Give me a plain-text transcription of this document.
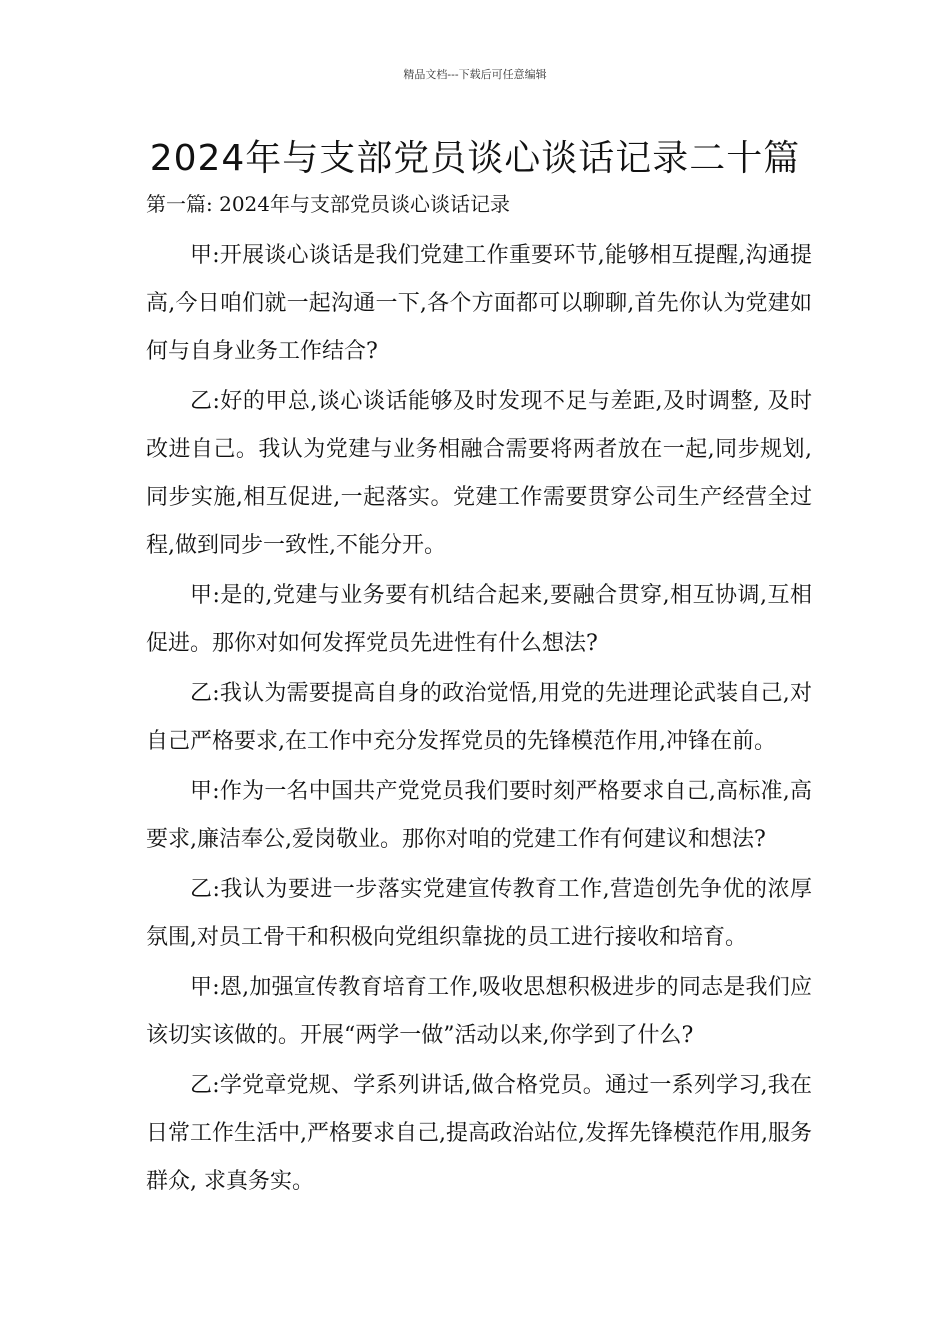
精品文档---下载后可任意编辑
2024年与支部党员谈心谈话记录二十篇
第一篇: 2024年与支部党员谈心谈话记录

甲:开展谈心谈话是我们党建工作重要环节,能够相互提醒,沟通提高,今日咱们就一起沟通一下,各个方面都可以聊聊,首先你认为党建如何与自身业务工作结合?

乙:好的甲总,谈心谈话能够及时发现不足与差距,及时调整, 及时改进自己。我认为党建与业务相融合需要将两者放在一起,同步规划,同步实施,相互促进,一起落实。党建工作需要贯穿公司生产经营全过程,做到同步一致性,不能分开。

甲:是的,党建与业务要有机结合起来,要融合贯穿,相互协调,互相促进。那你对如何发挥党员先进性有什么想法?

乙:我认为需要提高自身的政治觉悟,用党的先进理论武装自己,对自己严格要求,在工作中充分发挥党员的先锋模范作用,冲锋在前。

甲:作为一名中国共产党党员我们要时刻严格要求自己,高标准,高要求,廉洁奉公,爱岗敬业。那你对咱的党建工作有何建议和想法?

乙:我认为要进一步落实党建宣传教育工作,营造创先争优的浓厚氛围,对员工骨干和积极向党组织靠拢的员工进行接收和培育。

甲:恩,加强宣传教育培育工作,吸收思想积极进步的同志是我们应该切实该做的。开展“两学一做”活动以来,你学到了什么?

乙:学党章党规、学系列讲话,做合格党员。通过一系列学习,我在日常工作生活中,严格要求自己,提高政治站位,发挥先锋模范作用,服务群众, 求真务实。
